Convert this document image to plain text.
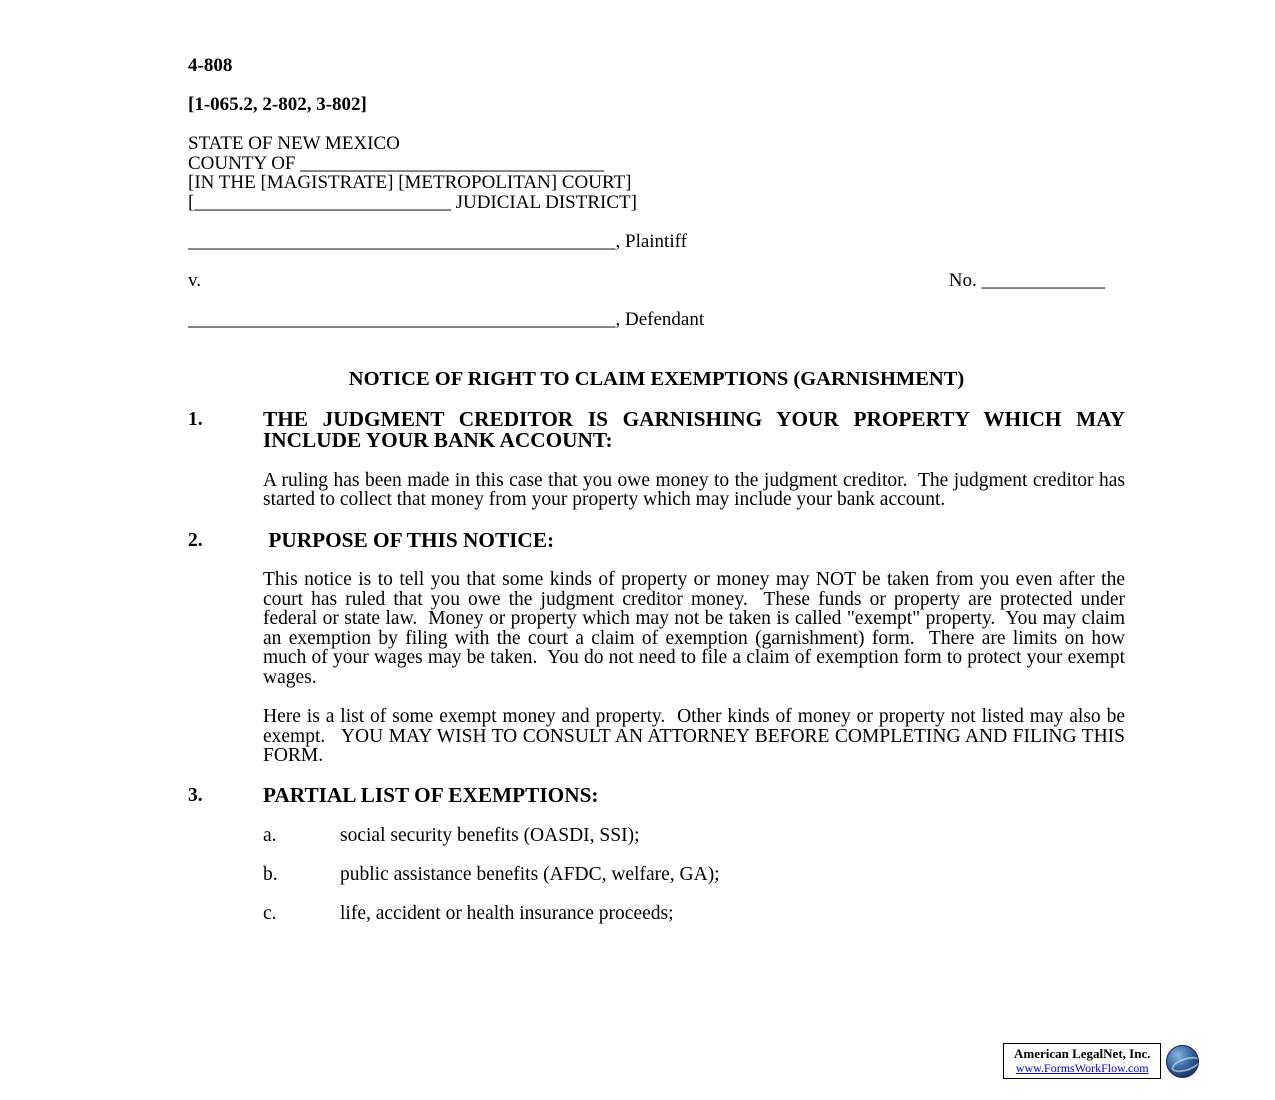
4-808
[1-065.2, 2-802, 3-802]
STATE OF NEW MEXICO
COUNTY OF ________________________________
[IN THE [MAGISTRATE] [METROPOLITAN] COURT]
[___________________________ JUDICIAL DISTRICT]
_____________________________________________, Plaintiff
v.	No. _____________
_____________________________________________, Defendant
NOTICE OF RIGHT TO CLAIM EXEMPTIONS (GARNISHMENT)
1.	THE JUDGMENT CREDITOR IS GARNISHING YOUR PROPERTY WHICH MAY INCLUDE YOUR BANK ACCOUNT:

A ruling has been made in this case that you owe money to the judgment creditor.  The judgment creditor has started to collect that money from your property which may include your bank account.

2.	PURPOSE OF THIS NOTICE:

This notice is to tell you that some kinds of property or money may NOT be taken from you even after the court has ruled that you owe the judgment creditor money.  These funds or property are protected under federal or state law.  Money or property which may not be taken is called "exempt" property.  You may claim an exemption by filing with the court a claim of exemption (garnishment) form.  There are limits on how much of your wages may be taken.  You do not need to file a claim of exemption form to protect your exempt wages.

Here is a list of some exempt money and property.  Other kinds of money or property not listed may also be exempt.   YOU MAY WISH TO CONSULT AN ATTORNEY BEFORE COMPLETING AND FILING THIS FORM.

3.	PARTIAL LIST OF EXEMPTIONS:
a.	social security benefits (OASDI, SSI);
b.	public assistance benefits (AFDC, welfare, GA);
c.	life, accident or health insurance proceeds;
American LegalNet, Inc.
www.FormsWorkFlow.com
